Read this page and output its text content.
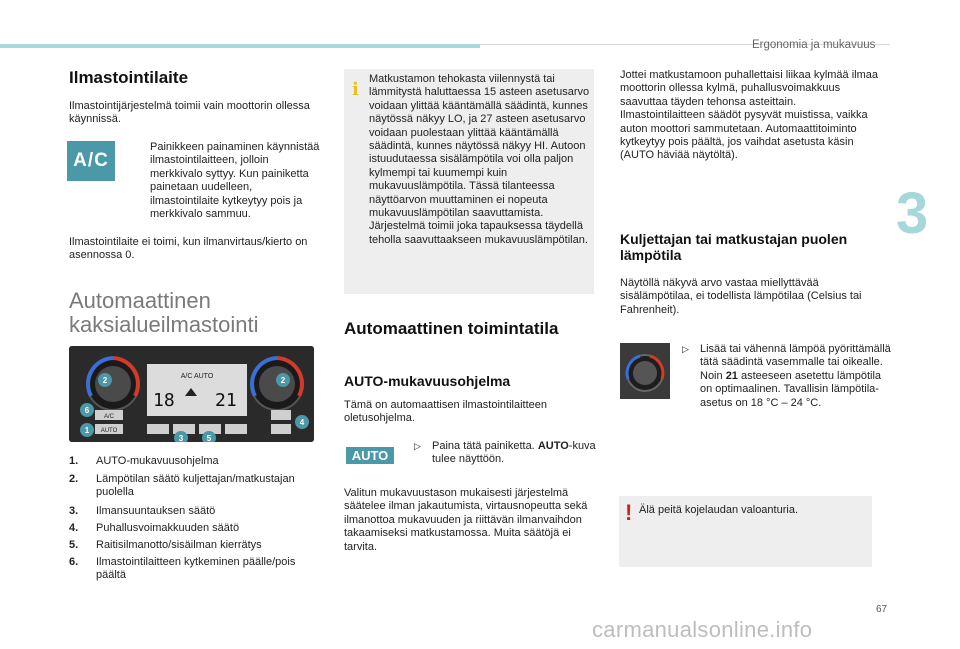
Ergonomia ja mukavuus
3
Ilmastointilaite
Ilmastointijärjestelmä toimii vain moottorin ollessa käynnissä.
A/C
Painikkeen painaminen käynnistää ilmastointilaitteen, jolloin merkkivalo syttyy. Kun painiketta painetaan uudelleen, ilmastointilaite kytkeytyy pois ja merkkivalo sammuu.
Ilmastointilaite ei toimi, kun ilmanvirtaus/kierto on asennossa 0.
Automaattinen kaksialueilmastointi
A/C AUTO
18 21
A/C
AUTO
1
2	2
3
4
5
6
1. AUTO-mukavuusohjelma
2. Lämpötilan säätö kuljettajan/matkustajan puolella
3. Ilmansuuntauksen säätö
4. Puhallusvoimakkuuden säätö
5. Raitisilmanotto/sisäilman kierrätys
6. Ilmastointilaitteen kytkeminen päälle/pois päältä
i Matkustamon tehokasta viilennystä tai lämmitystä haluttaessa 15 asteen asetusarvo voidaan ylittää kääntämällä säädintä, kunnes näytössä näkyy LO, ja 27 asteen asetusarvo voidaan puolestaan ylittää kääntämällä säädintä, kunnes näytössä näkyy HI. Autoon istuudutaessa sisälämpötila voi olla paljon kylmempi tai kuumempi kuin mukavuuslämpötila. Tässä tilanteessa näyttöarvon muuttaminen ei nopeuta mukavuuslämpötilan saavuttamista. Järjestelmä toimii joka tapauksessa täydellä teholla saavuttaakseen mukavuuslämpötilan.
Automaattinen toimintatila
AUTO-mukavuusohjelma
Tämä on automaattisen ilmastointilaitteen oletusohjelma.
AUTO
▷ Paina tätä painiketta. AUTO-kuva tulee näyttöön.
Valitun mukavuustason mukaisesti järjestelmä säätelee ilman jakautumista, virtausnopeutta sekä ilmanottoa mukavuuden ja riittävän ilmanvaihdon takaamiseksi matkustamossa. Muita säätöjä ei tarvita.
Jottei matkustamoon puhallettaisi liikaa kylmää ilmaa moottorin ollessa kylmä, puhallusvoimakkuus saavuttaa täyden tehonsa asteittain. Ilmastointilaitteen säädöt pysyvät muistissa, vaikka auton moottori sammutetaan. Automaattitoiminto kytkeytyy pois päältä, jos vaihdat asetusta käsin (AUTO häviää näytöltä).
Kuljettajan tai matkustajan puolen lämpötila
Näytöllä näkyvä arvo vastaa miellyttävää sisälämpötilaa, ei todellista lämpötilaa (Celsius tai Fahrenheit).
▷ Lisää tai vähennä lämpöä pyörittämällä tätä säädintä vasemmalle tai oikealle. Noin 21 asteeseen asetettu lämpötila on optimaalinen. Tavallisin lämpötila-asetus on 18 °C – 24 °C.
! Älä peitä kojelaudan valoanturia.
67
carmanualsonline.info
